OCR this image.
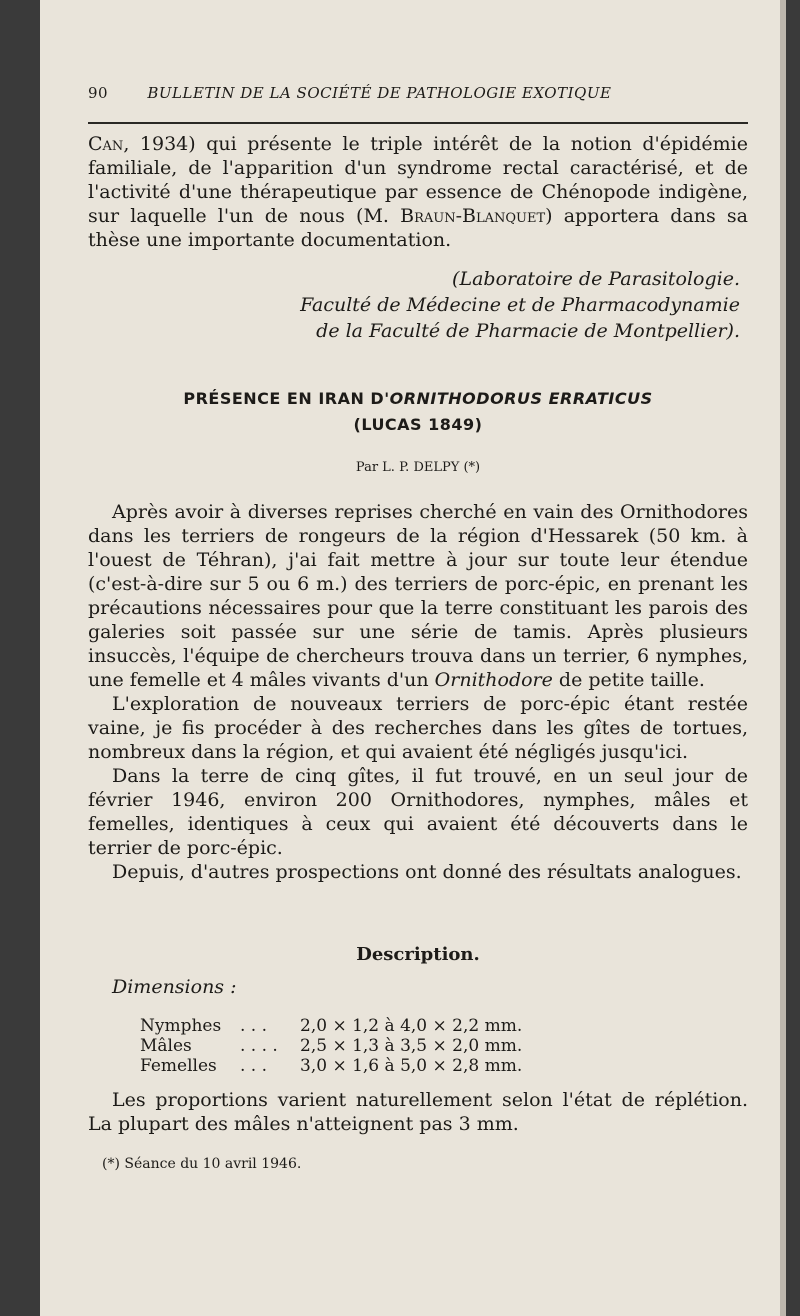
90	BULLETIN DE LA SOCIÉTÉ DE PATHOLOGIE EXOTIQUE
Can, 1934) qui présente le triple intérêt de la notion d'épidémie familiale, de l'apparition d'un syndrome rectal caractérisé, et de l'activité d'une thérapeutique par essence de Chénopode indigène, sur laquelle l'un de nous (M. Braun-Blanquet) apportera dans sa thèse une importante documentation.
(Laboratoire de Parasitologie.
Faculté de Médecine et de Pharmacodynamie
de la Faculté de Pharmacie de Montpellier).
PRÉSENCE EN IRAN D'ORNITHODORUS ERRATICUS
(LUCAS 1849)
Par L. P. DELPY (*)

Après avoir à diverses reprises cherché en vain des Ornithodores dans les terriers de rongeurs de la région d'Hessarek (50 km. à l'ouest de Téhran), j'ai fait mettre à jour sur toute leur étendue (c'est-à-dire sur 5 ou 6 m.) des terriers de porc-épic, en prenant les précautions nécessaires pour que la terre constituant les parois des galeries soit passée sur une série de tamis. Après plusieurs insuccès, l'équipe de chercheurs trouva dans un terrier, 6 nymphes, une femelle et 4 mâles vivants d'un Ornithodore de petite taille.

L'exploration de nouveaux terriers de porc-épic étant restée vaine, je fis procéder à des recherches dans les gîtes de tortues, nombreux dans la région, et qui avaient été négligés jusqu'ici.

Dans la terre de cinq gîtes, il fut trouvé, en un seul jour de février 1946, environ 200 Ornithodores, nymphes, mâles et femelles, identiques à ceux qui avaient été découverts dans le terrier de porc-épic.

Depuis, d'autres prospections ont donné des résultats analogues.

Description.
Dimensions :
Nymphes	. . .	2,0 × 1,2 à 4,0 × 2,2 mm.
Mâles	. . . .	2,5 × 1,3 à 3,5 × 2,0 mm.
Femelles	. . .	3,0 × 1,6 à 5,0 × 2,8 mm.

Les proportions varient naturellement selon l'état de réplétion. La plupart des mâles n'atteignent pas 3 mm.

(*) Séance du 10 avril 1946.
